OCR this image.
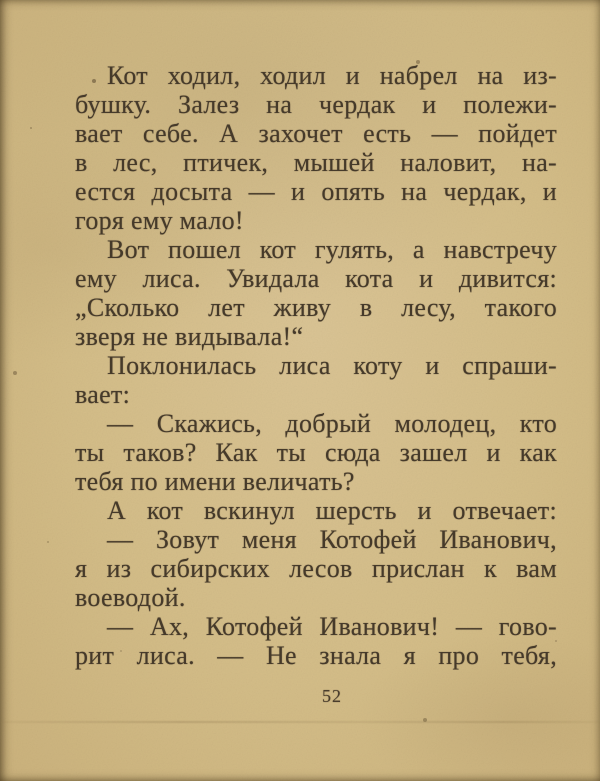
Кот ходил, ходил и набрел на из-
бушку. Залез на чердак и полежи-
вает себе. А захочет есть — пойдет
в лес, птичек, мышей наловит, на-
естся досыта — и опять на чердак, и
горя ему мало!
Вот пошел кот гулять, а навстречу
ему лиса. Увидала кота и дивится:
„Сколько лет живу в лесу, такого
зверя не видывала!“
Поклонилась лиса коту и спраши-
вает:
— Скажись, добрый молодец, кто
ты таков? Как ты сюда зашел и как
тебя по имени величать?
А кот вскинул шерсть и отвечает:
— Зовут меня Котофей Иванович,
я из сибирских лесов прислан к вам
воеводой.
— Ах, Котофей Иванович! — гово-
рит лиса. — Не знала я про тебя,
52
